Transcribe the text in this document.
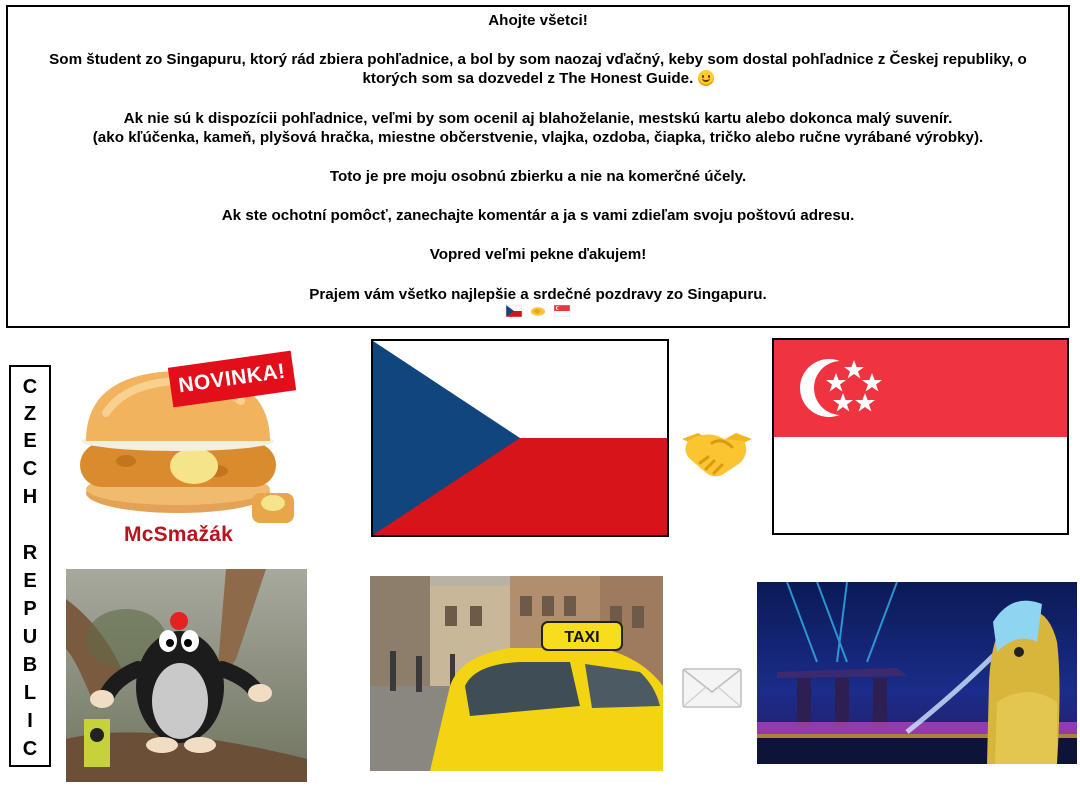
Ahojte všetci!

Som študent zo Singapuru, ktorý rád zbiera pohľadnice, a bol by som naozaj vďačný, keby som dostal pohľadnice z Českej republiky, o ktorých som sa dozvedel z The Honest Guide.

Ak nie sú k dispozícii pohľadnice, veľmi by som ocenil aj blahoželanie, mestskú kartu alebo dokonca malý suvenír.
(ako kľúčenka, kameň, plyšová hračka, miestne občerstvenie, vlajka, ozdoba, čiapka, tričko alebo ručne vyrábané výrobky).

Toto je pre moju osobnú zbierku a nie na komerčné účely.

Ak ste ochotní pomôcť, zanechajte komentár a ja s vami zdieľam svoju poštovú adresu.

Vopred veľmi pekne ďakujem!

Prajem vám všetko najlepšie a srdečné pozdravy zo Singapuru.

C
Z
E
C
H
R
E
P
U
B
L
I
C
NOVINKA!
McSmažák
TAXI
